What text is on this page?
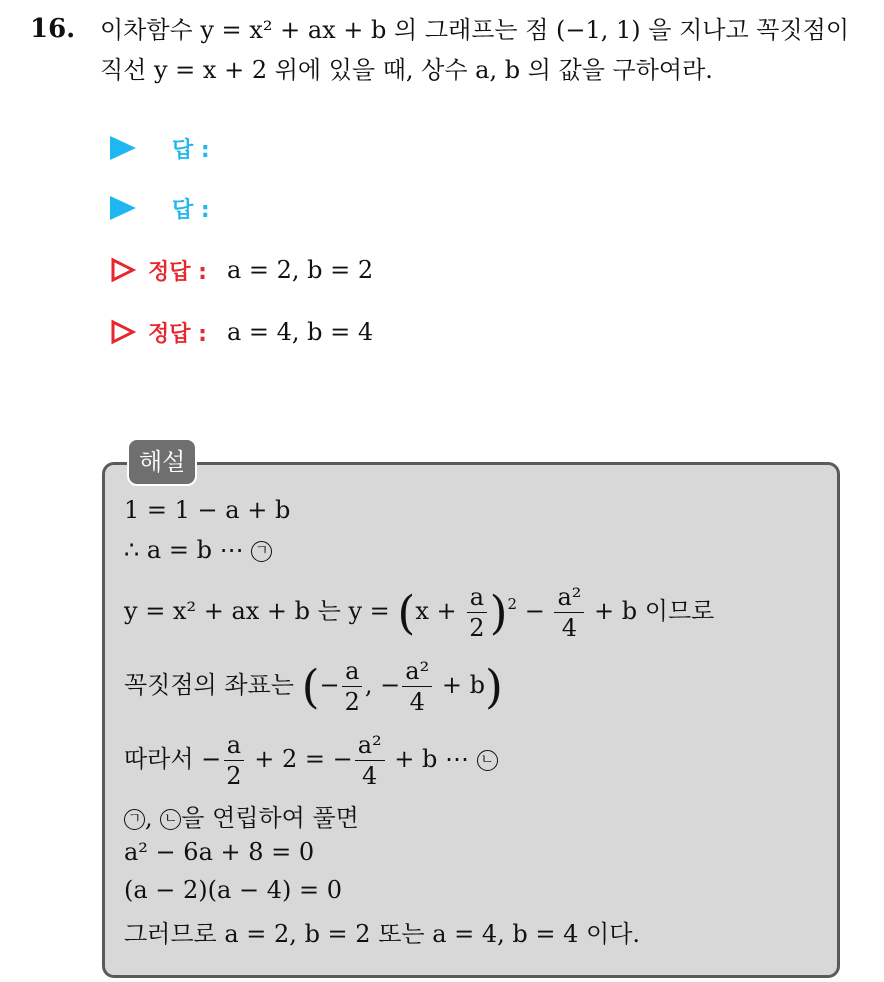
16. 이차함수 y = x² + ax + b 의 그래프는 점 (−1, 1) 을 지나고 꼭짓점이
직선 y = x + 2 위에 있을 때, 상수 a, b 의 값을 구하여라.
답 :
답 :
정답 : a = 2, b = 2
정답 : a = 4, b = 4
해설
1 = 1 − a + b
∴ a = b ⋯ ㄱ
y = x² + ax + b 는 $y = (x + \frac{a}{2} )^2 - \frac{\text{a²}}{4} + b$ 이므로
꼭짓점의 좌표는 (− $\frac{a}{2}$ , − $\frac{\text{a²}}{4} + b$)
따라서 − $\frac{a}{2} + 2$ = − $\frac{\text{a²}}{4} + b$ ⋯ ㄴ
ㄱ , ㄴ 을 연립하여 풀면
a² − 6a + 8 = 0
(a − 2)(a − 4) = 0
그러므로 a = 2, b = 2 또는 a = 4, b = 4 이다.
